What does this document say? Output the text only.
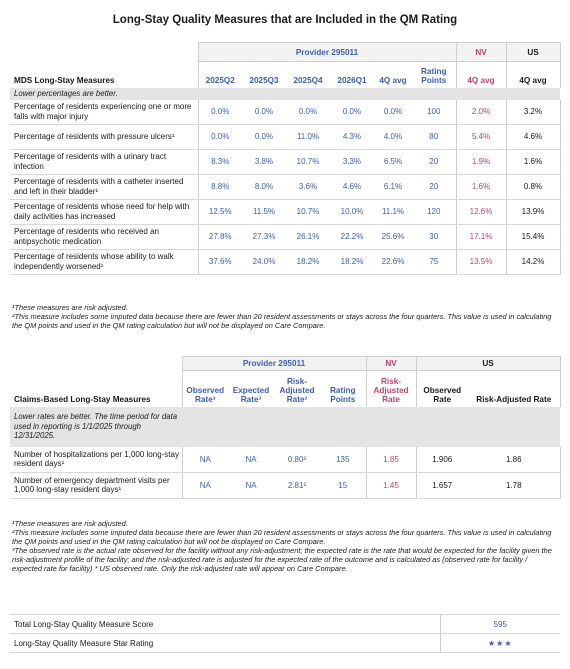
Long-Stay Quality Measures that are Included in the QM Rating
	Provider 295011						NV	US
MDS Long-Stay Measures	2025Q2	2025Q3	2025Q4	2026Q1	4Q avg	Rating Points	4Q avg	4Q avg
Lower percentages are better.								
Percentage of residents experiencing one or more falls with major injury	0.0%	0.0%	0.0%	0.0%	0.0%	100	2.0%	3.2%
Percentage of residents with pressure ulcers¹	0.0%	0.0%	11.0%	4.3%	4.0%	80	5.4%	4.6%
Percentage of residents with a urinary tract infection	8.3%	3.8%	10.7%	3.3%	6.5%	20	1.9%	1.6%
Percentage of residents with a catheter inserted and left in their bladder¹	8.8%	8.0%	3.6%	4.6%	6.1%	20	1.6%	0.8%
Percentage of residents whose need for help with daily activities has increased	12.5%	11.5%	10.7%	10.0%	11.1%	120	12.6%	13.9%
Percentage of residents who received an antipsychotic medication	27.8%	27.3%	26.1%	22.2%	25.6%	30	17.1%	15.4%
Percentage of residents whose ability to walk independently worsened¹	37.6%	24.0%	18.2%	18.2%	22.6%	75	13.5%	14.2%

¹These measures are risk adjusted.

²This measure includes some imputed data because there are fewer than 20 resident assessments or stays across the four quarters. This value is used in calculating the QM points and used in the QM rating calculation but will not be displayed on Care Compare.

	Provider 295011				NV	US	
Claims-Based Long-Stay Measures	Observed Rate³	Expected Rate³	Risk-Adjusted Rate³	Rating Points	Risk-Adjusted Rate	Observed Rate	Risk-Adjusted Rate
Lower rates are better. The time period for data used in reporting is 1/1/2025 through 12/31/2025.							
Number of hospitalizations per 1,000 long-stay resident days¹	NA	NA	0.80²	135	1.85	1.906	1.86
Number of emergency department visits per 1,000 long-stay resident days¹	NA	NA	2.81²	15	1.45	1.657	1.78

¹These measures are risk adjusted.

²This measure includes some imputed data because there are fewer than 20 resident assessments or stays across the four quarters. This value is used in calculating the QM points and used in the QM rating calculation but will not be displayed on Care Compare.

³The observed rate is the actual rate observed for the facility without any risk-adjustment; the expected rate is the rate that would be expected for the facility given the risk-adjustment profile of the facility; and the risk-adjusted rate is adjusted for the expected rate of the outcome and is calculated as (observed rate for facility / expected rate for facility) * US observed rate. Only the risk-adjusted rate will appear on Care Compare.

Total Long-Stay Quality Measure Score	595
Long-Stay Quality Measure Star Rating	★★★
